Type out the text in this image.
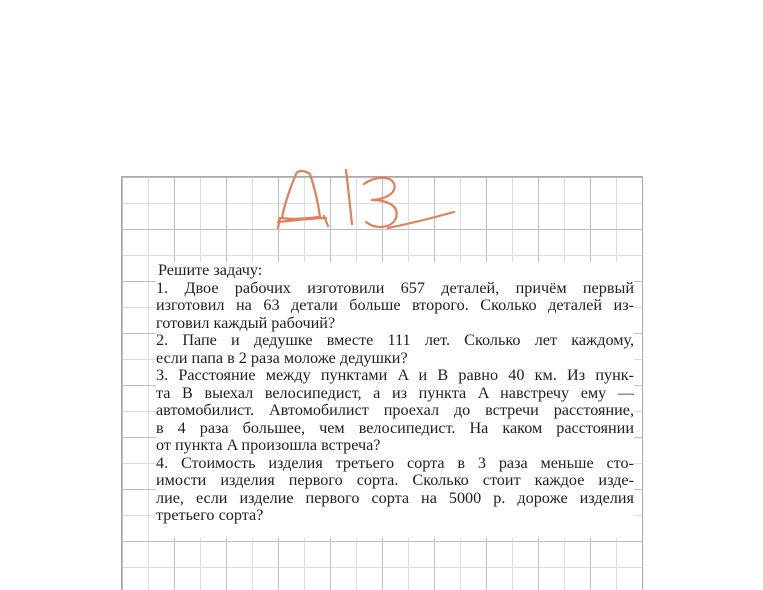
Решите задачу:
1. Двое рабочих изготовили 657 деталей, причём первый
изготовил на 63 детали больше второго. Сколько деталей из-
готовил каждый рабочий?
2. Папе и дедушке вместе 111 лет. Сколько лет каждому,
если папа в 2 раза моложе дедушки?
3. Расстояние между пунктами A и B равно 40 км. Из пунк-
та B выехал велосипедист, а из пункта A навстречу ему —
автомобилист. Автомобилист проехал до встречи расстояние,
в 4 раза большее, чем велосипедист. На каком расстоянии
от пункта A произошла встреча?
4. Стоимость изделия третьего сорта в 3 раза меньше сто-
имости изделия первого сорта. Сколько стоит каждое изде-
лие, если изделие первого сорта на 5000 р. дороже изделия
третьего сорта?
